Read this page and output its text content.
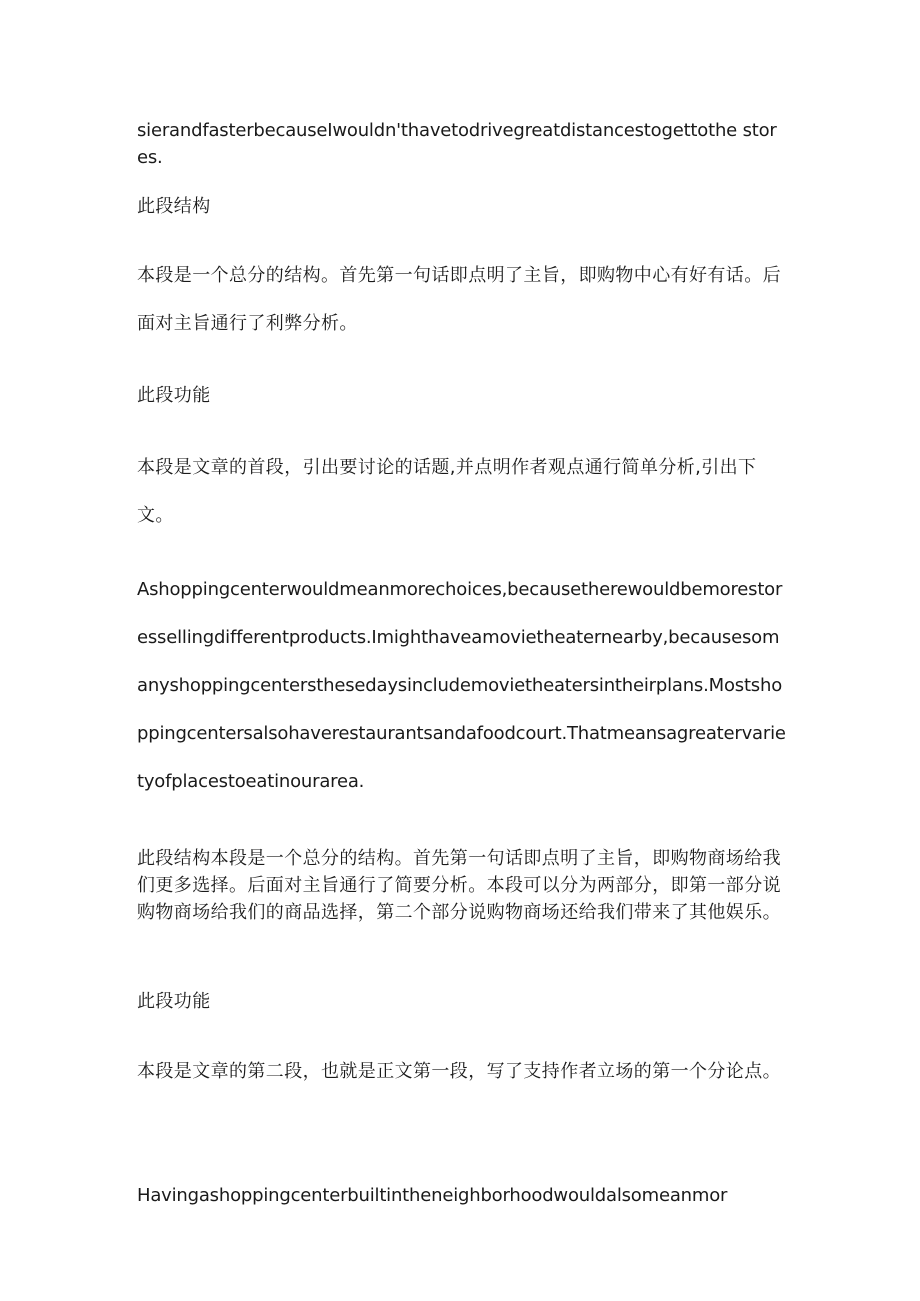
sierandfasterbecauseIwouldn'thavetodrivegreatdistancestogettothe stores.

此段结构

本段是一个总分的结构。首先第一句话即点明了主旨，即购物中心有好有话。后面对主旨通行了利弊分析。

此段功能

本段是文章的首段，引出要讨论的话题,并点明作者观点通行简单分析,引出下文。

Ashoppingcenterwouldmeanmorechoices,becausetherewouldbemorestoressellingdifferentproducts.Imighthaveamovietheaternearby,becausesomanyshoppingcentersthesedaysincludemovietheatersintheirplans.Mostshoppingcentersalsohaverestaurantsandafoodcourt.Thatmeansagreatervarietyofplacestoeatinourarea.

此段结构本段是一个总分的结构。首先第一句话即点明了主旨，即购物商场给我们更多选择。后面对主旨通行了简要分析。本段可以分为两部分，即第一部分说购物商场给我们的商品选择，第二个部分说购物商场还给我们带来了其他娱乐。

此段功能

本段是文章的第二段，也就是正文第一段，写了支持作者立场的第一个分论点。

Havingashoppingcenterbuiltintheneighborhoodwouldalsomeanmor
